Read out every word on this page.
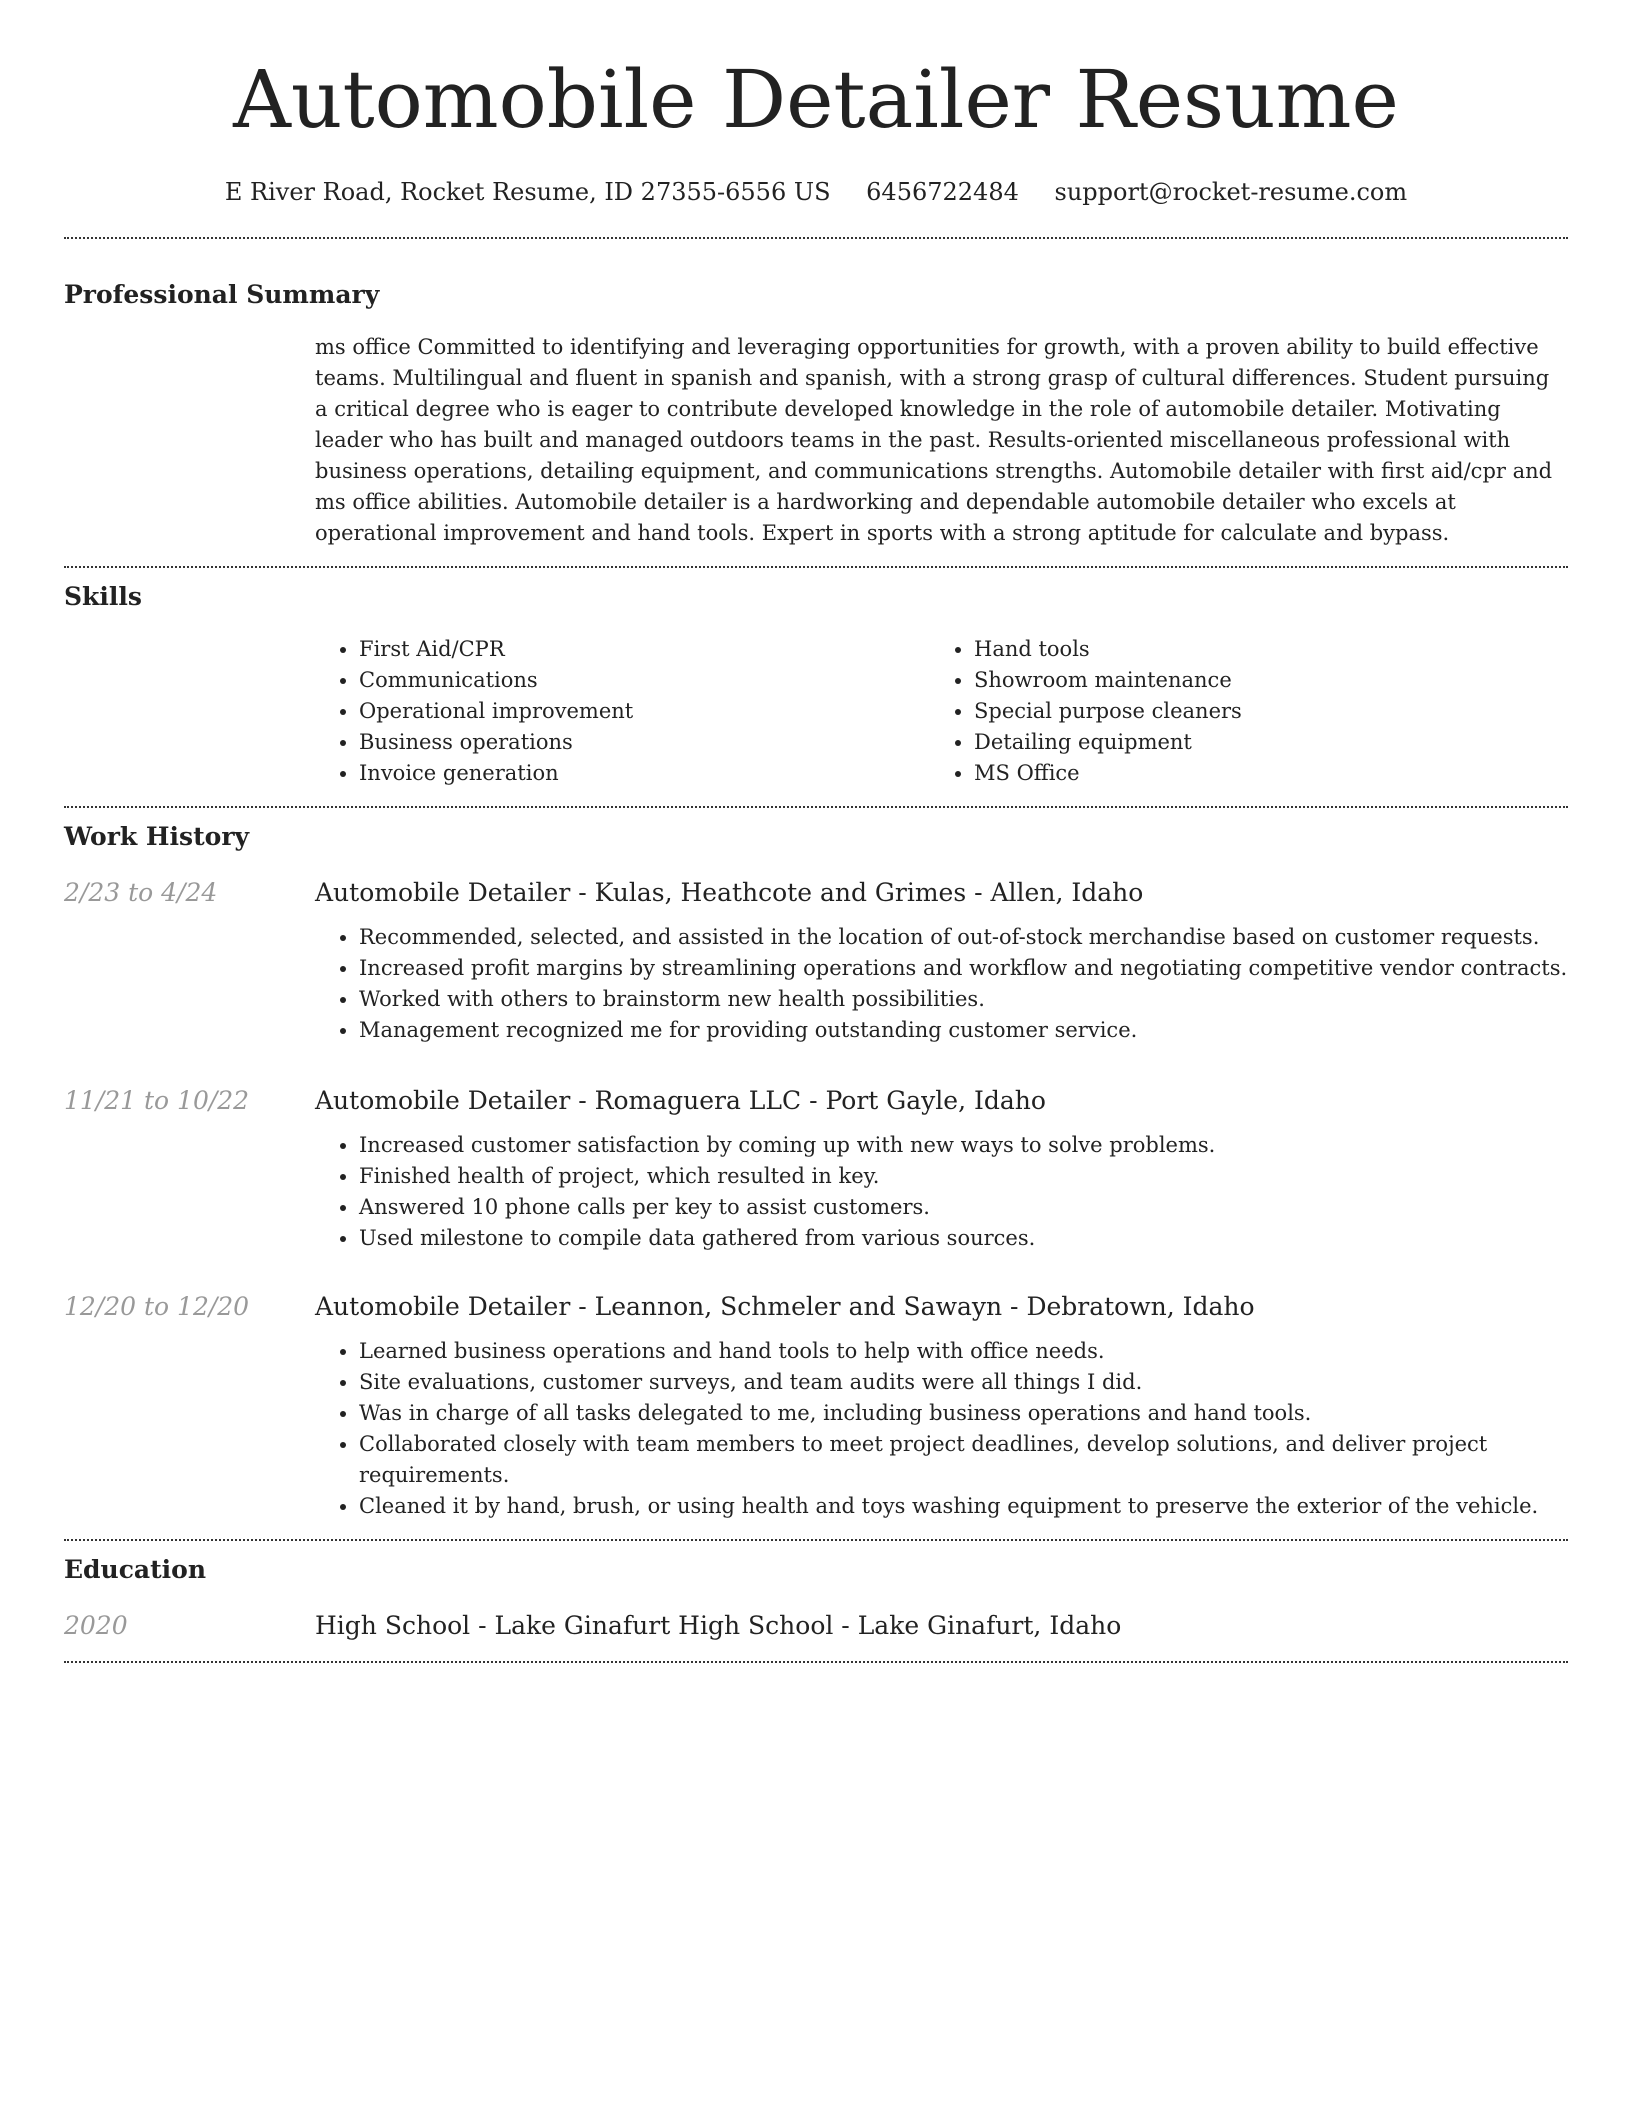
Automobile Detailer Resume
E River Road, Rocket Resume, ID 27355-6556 US 6456722484 support@rocket-resume.com
Professional Summary

ms office Committed to identifying and leveraging opportunities for growth, with a proven ability to build effective teams. Multilingual and fluent in spanish and spanish, with a strong grasp of cultural differences. Student pursuing a critical degree who is eager to contribute developed knowledge in the role of automobile detailer. Motivating leader who has built and managed outdoors teams in the past. Results-oriented miscellaneous professional with business operations, detailing equipment, and communications strengths. Automobile detailer with first aid/cpr and ms office abilities. Automobile detailer is a hardworking and dependable automobile detailer who excels at operational improvement and hand tools. Expert in sports with a strong aptitude for calculate and bypass.

Skills
• First Aid/CPR
• Communications
• Operational improvement
• Business operations
• Invoice generation
• Hand tools
• Showroom maintenance
• Special purpose cleaners
• Detailing equipment
• MS Office
Work History
2/23 to 4/24	Automobile Detailer - Kulas, Heathcote and Grimes - Allen, Idaho
• Recommended, selected, and assisted in the location of out-of-stock merchandise based on customer requests.
• Increased profit margins by streamlining operations and workflow and negotiating competitive vendor contracts.
• Worked with others to brainstorm new health possibilities.
• Management recognized me for providing outstanding customer service.
11/21 to 10/22	Automobile Detailer - Romaguera LLC - Port Gayle, Idaho
• Increased customer satisfaction by coming up with new ways to solve problems.
• Finished health of project, which resulted in key.
• Answered 10 phone calls per key to assist customers.
• Used milestone to compile data gathered from various sources.
12/20 to 12/20	Automobile Detailer - Leannon, Schmeler and Sawayn - Debratown, Idaho
• Learned business operations and hand tools to help with office needs.
• Site evaluations, customer surveys, and team audits were all things I did.
• Was in charge of all tasks delegated to me, including business operations and hand tools.
• Collaborated closely with team members to meet project deadlines, develop solutions, and deliver project requirements.
• Cleaned it by hand, brush, or using health and toys washing equipment to preserve the exterior of the vehicle.
Education
2020	High School - Lake Ginafurt High School - Lake Ginafurt, Idaho
